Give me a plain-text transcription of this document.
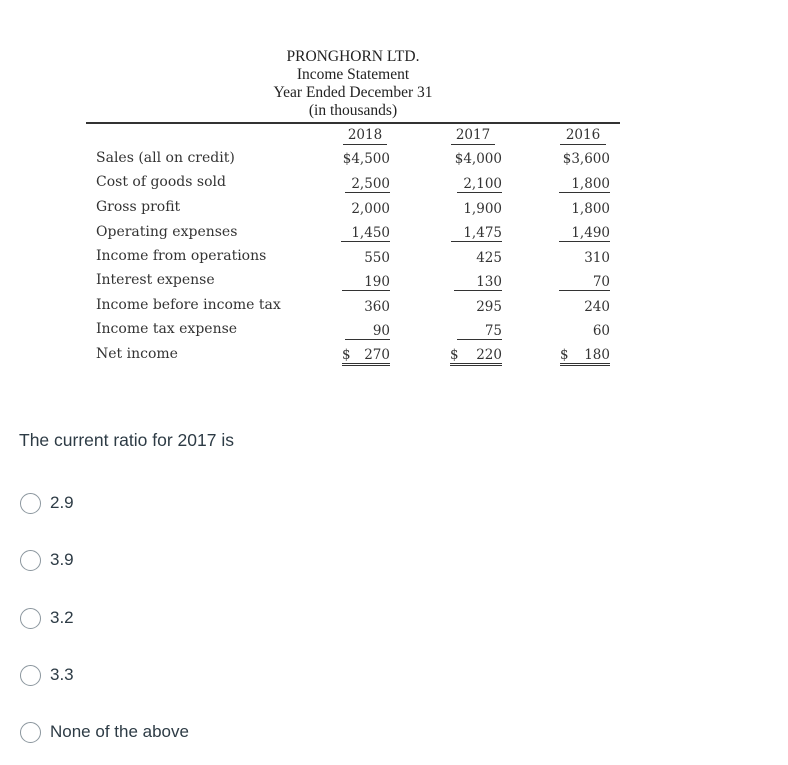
PRONGHORN LTD.
Income Statement
Year Ended December 31
(in thousands)
2018	2017	2016
Sales (all on credit)
Cost of goods sold
Gross profit
Operating expenses
Income from operations
Interest expense
Income before income tax
Income tax expense
Net income
$4,500
2,500
2,000
1,450
550
190
360
90
$ 270
$4,000
2,100
1,900
1,475
425
130
295
75
$ 220
$3,600
1,800
1,800
1,490
310
70
240
60
$ 180
The current ratio for 2017 is
2.9
3.9
3.2
3.3
None of the above
